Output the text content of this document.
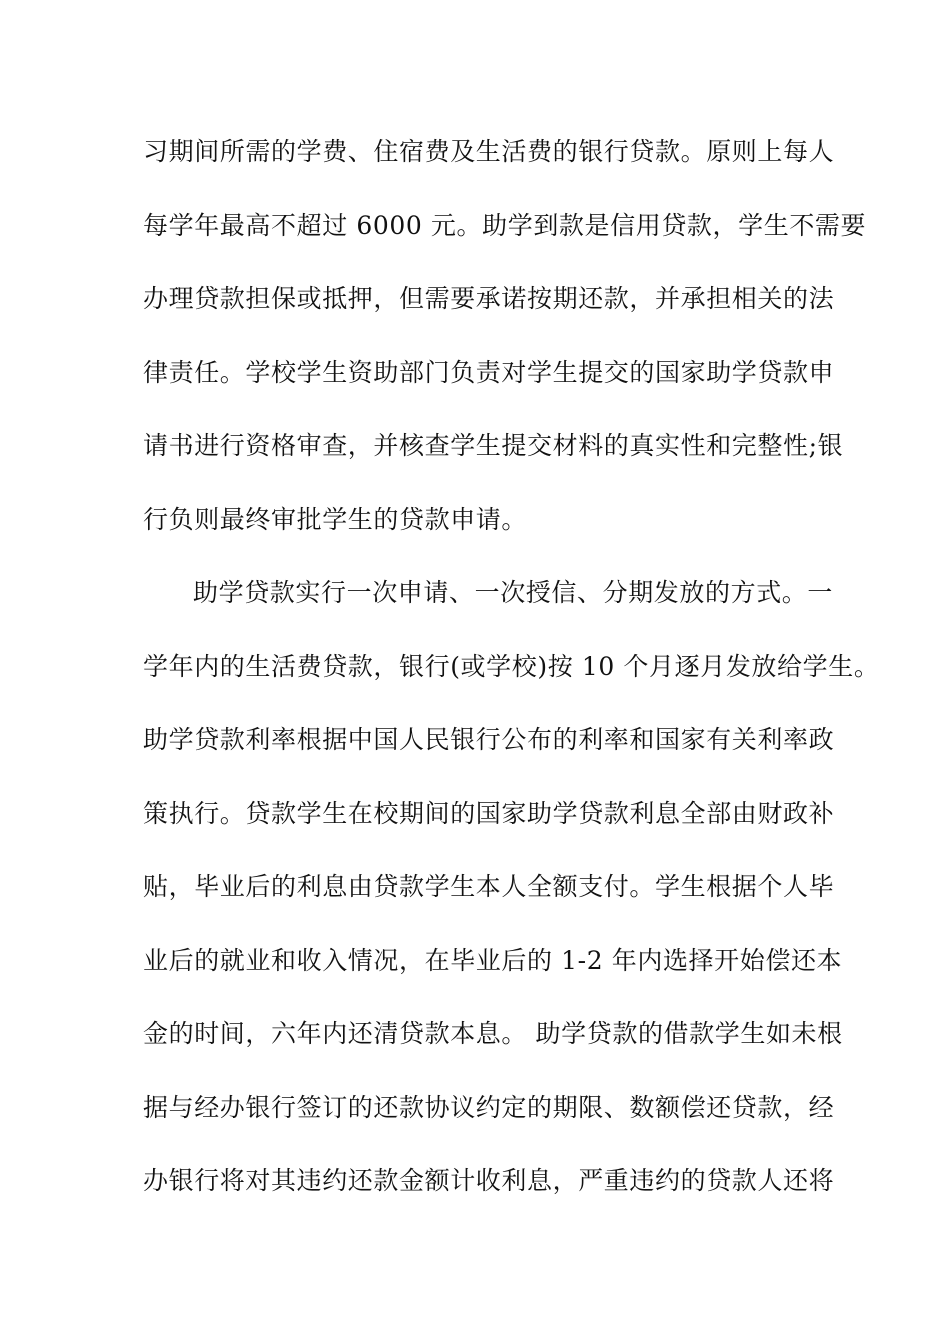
习期间所需的学费、住宿费及生活费的银行贷款。原则上每人
每学年最高不超过 6000 元。助学到款是信用贷款，学生不需要
办理贷款担保或抵押，但需要承诺按期还款，并承担相关的法
律责任。学校学生资助部门负责对学生提交的国家助学贷款申
请书进行资格审查，并核查学生提交材料的真实性和完整性;银
行负则最终审批学生的贷款申请。
助学贷款实行一次申请、一次授信、分期发放的方式。一
学年内的生活费贷款，银行(或学校)按 10 个月逐月发放给学生。
助学贷款利率根据中国人民银行公布的利率和国家有关利率政
策执行。贷款学生在校期间的国家助学贷款利息全部由财政补
贴，毕业后的利息由贷款学生本人全额支付。学生根据个人毕
业后的就业和收入情况，在毕业后的 1-2 年内选择开始偿还本
金的时间，六年内还清贷款本息。 助学贷款的借款学生如未根
据与经办银行签订的还款协议约定的期限、数额偿还贷款，经
办银行将对其违约还款金额计收利息，严重违约的贷款人还将
